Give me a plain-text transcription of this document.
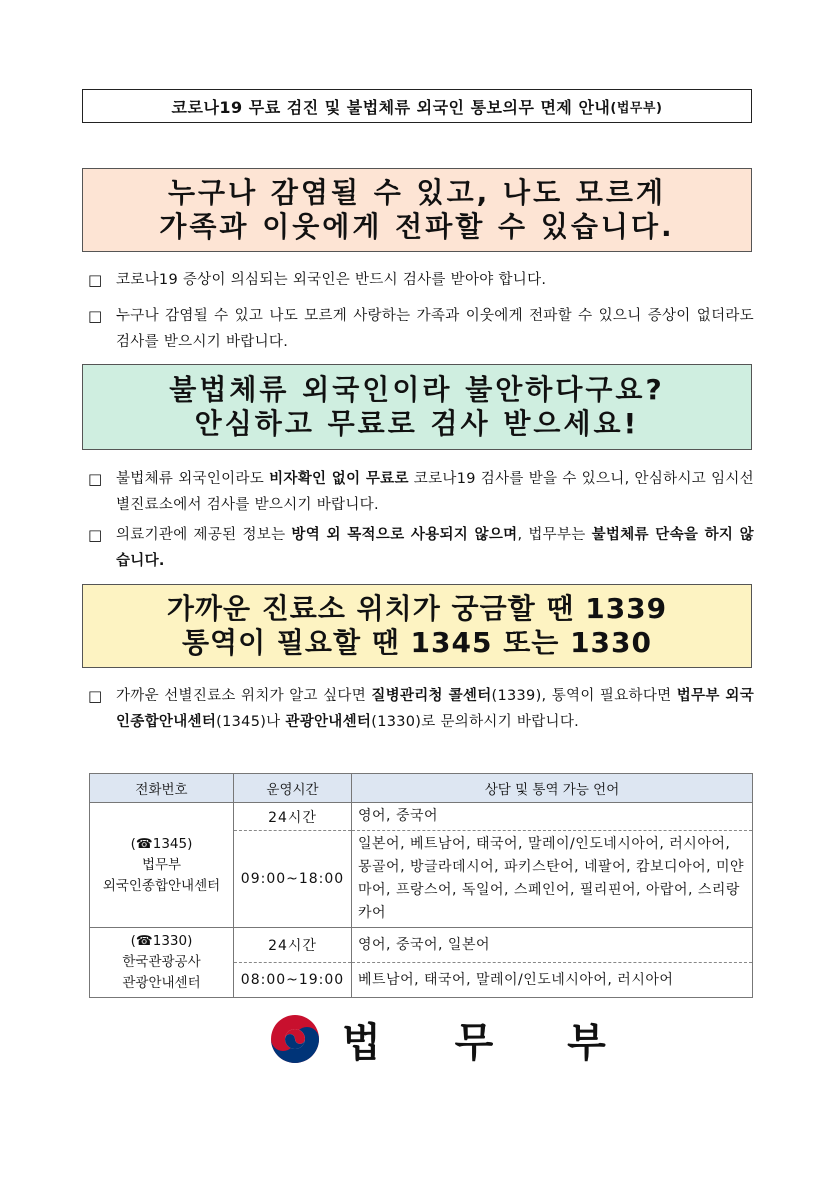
코로나19 무료 검진 및 불법체류 외국인 통보의무 면제 안내 (법무부)
누구나 감염될 수 있고, 나도 모르게
가족과 이웃에게 전파할 수 있습니다.
□ 코로나19 증상이 의심되는 외국인은 반드시 검사를 받아야 합니다.
□ 누구나 감염될 수 있고 나도 모르게 사랑하는 가족과 이웃에게 전파할 수 있으니 증상이 없더라도 검사를 받으시기 바랍니다.
불법체류 외국인이라 불안하다구요?
안심하고 무료로 검사 받으세요!
□ 불법체류 외국인이라도 비자확인 없이 무료로 코로나19 검사를 받을 수 있으니, 안심하시고 임시선별진료소에서 검사를 받으시기 바랍니다.
□ 의료기관에 제공된 정보는 방역 외 목적으로 사용되지 않으며, 법무부는 불법체류 단속을 하지 않습니다.
가까운 진료소 위치가 궁금할 땐 1339
통역이 필요할 땐 1345 또는 1330
□ 가까운 선별진료소 위치가 알고 싶다면 질병관리청 콜센터(1339), 통역이 필요하다면 법무부 외국인종합안내센터(1345)나 관광안내센터(1330)로 문의하시기 바랍니다.
전화번호	운영시간	상담 및 통역 가능 언어

(☎1345)
법무부
외국인종합안내센터	24시간	영어, 중국어
	09:00~18:00	일본어, 베트남어, 태국어, 말레이/인도네시아어, 러시아어, 몽골어, 방글라데시어, 파키스탄어, 네팔어, 캄보디아어, 미얀마어, 프랑스어, 독일어, 스페인어, 필리핀어, 아랍어, 스리랑카어

(☎1330)
한국관광공사
관광안내센터	24시간	영어, 중국어, 일본어
	08:00~19:00	베트남어, 태국어, 말레이/인도네시아어, 러시아어
법 무 부
